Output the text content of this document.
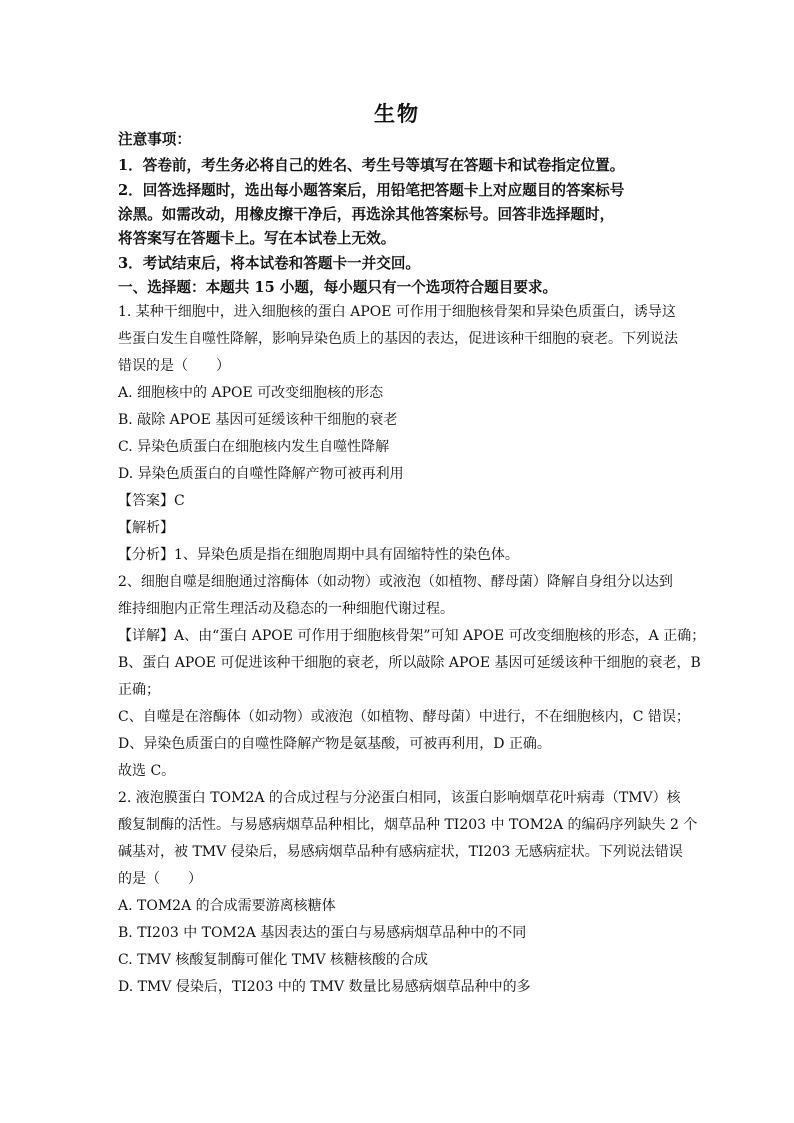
生物
注意事项：
1．答卷前，考生务必将自己的姓名、考生号等填写在答题卡和试卷指定位置。
2．回答选择题时，选出每小题答案后，用铅笔把答题卡上对应题目的答案标号
涂黑。如需改动，用橡皮擦干净后，再选涂其他答案标号。回答非选择题时，
将答案写在答题卡上。写在本试卷上无效。
3．考试结束后，将本试卷和答题卡一并交回。
一、选择题：本题共 15 小题，每小题只有一个选项符合题目要求。
1. 某种干细胞中，进入细胞核的蛋白 APOE 可作用于细胞核骨架和异染色质蛋白，诱导这
些蛋白发生自噬性降解，影响异染色质上的基因的表达，促进该种干细胞的衰老。下列说法
错误的是（　　）
A. 细胞核中的 APOE 可改变细胞核的形态
B. 敲除 APOE 基因可延缓该种干细胞的衰老
C. 异染色质蛋白在细胞核内发生自噬性降解
D. 异染色质蛋白的自噬性降解产物可被再利用
【答案】C
【解析】
【分析】1、异染色质是指在细胞周期中具有固缩特性的染色体。
2、细胞自噬是细胞通过溶酶体（如动物）或液泡（如植物、酵母菌）降解自身组分以达到
维持细胞内正常生理活动及稳态的一种细胞代谢过程。
【详解】A、由“蛋白 APOE 可作用于细胞核骨架”可知 APOE 可改变细胞核的形态，A 正确；
B、蛋白 APOE 可促进该种干细胞的衰老，所以敲除 APOE 基因可延缓该种干细胞的衰老，B
正确；
C、自噬是在溶酶体（如动物）或液泡（如植物、酵母菌）中进行，不在细胞核内，C 错误；
D、异染色质蛋白的自噬性降解产物是氨基酸，可被再利用，D 正确。
故选 C。
2. 液泡膜蛋白 TOM2A 的合成过程与分泌蛋白相同，该蛋白影响烟草花叶病毒（TMV）核
酸复制酶的活性。与易感病烟草品种相比，烟草品种 TI203 中 TOM2A 的编码序列缺失 2 个
碱基对，被 TMV 侵染后，易感病烟草品种有感病症状，TI203 无感病症状。下列说法错误
的是（　　）
A. TOM2A 的合成需要游离核糖体
B. TI203 中 TOM2A 基因表达的蛋白与易感病烟草品种中的不同
C. TMV 核酸复制酶可催化 TMV 核糖核酸的合成
D. TMV 侵染后，TI203 中的 TMV 数量比易感病烟草品种中的多
